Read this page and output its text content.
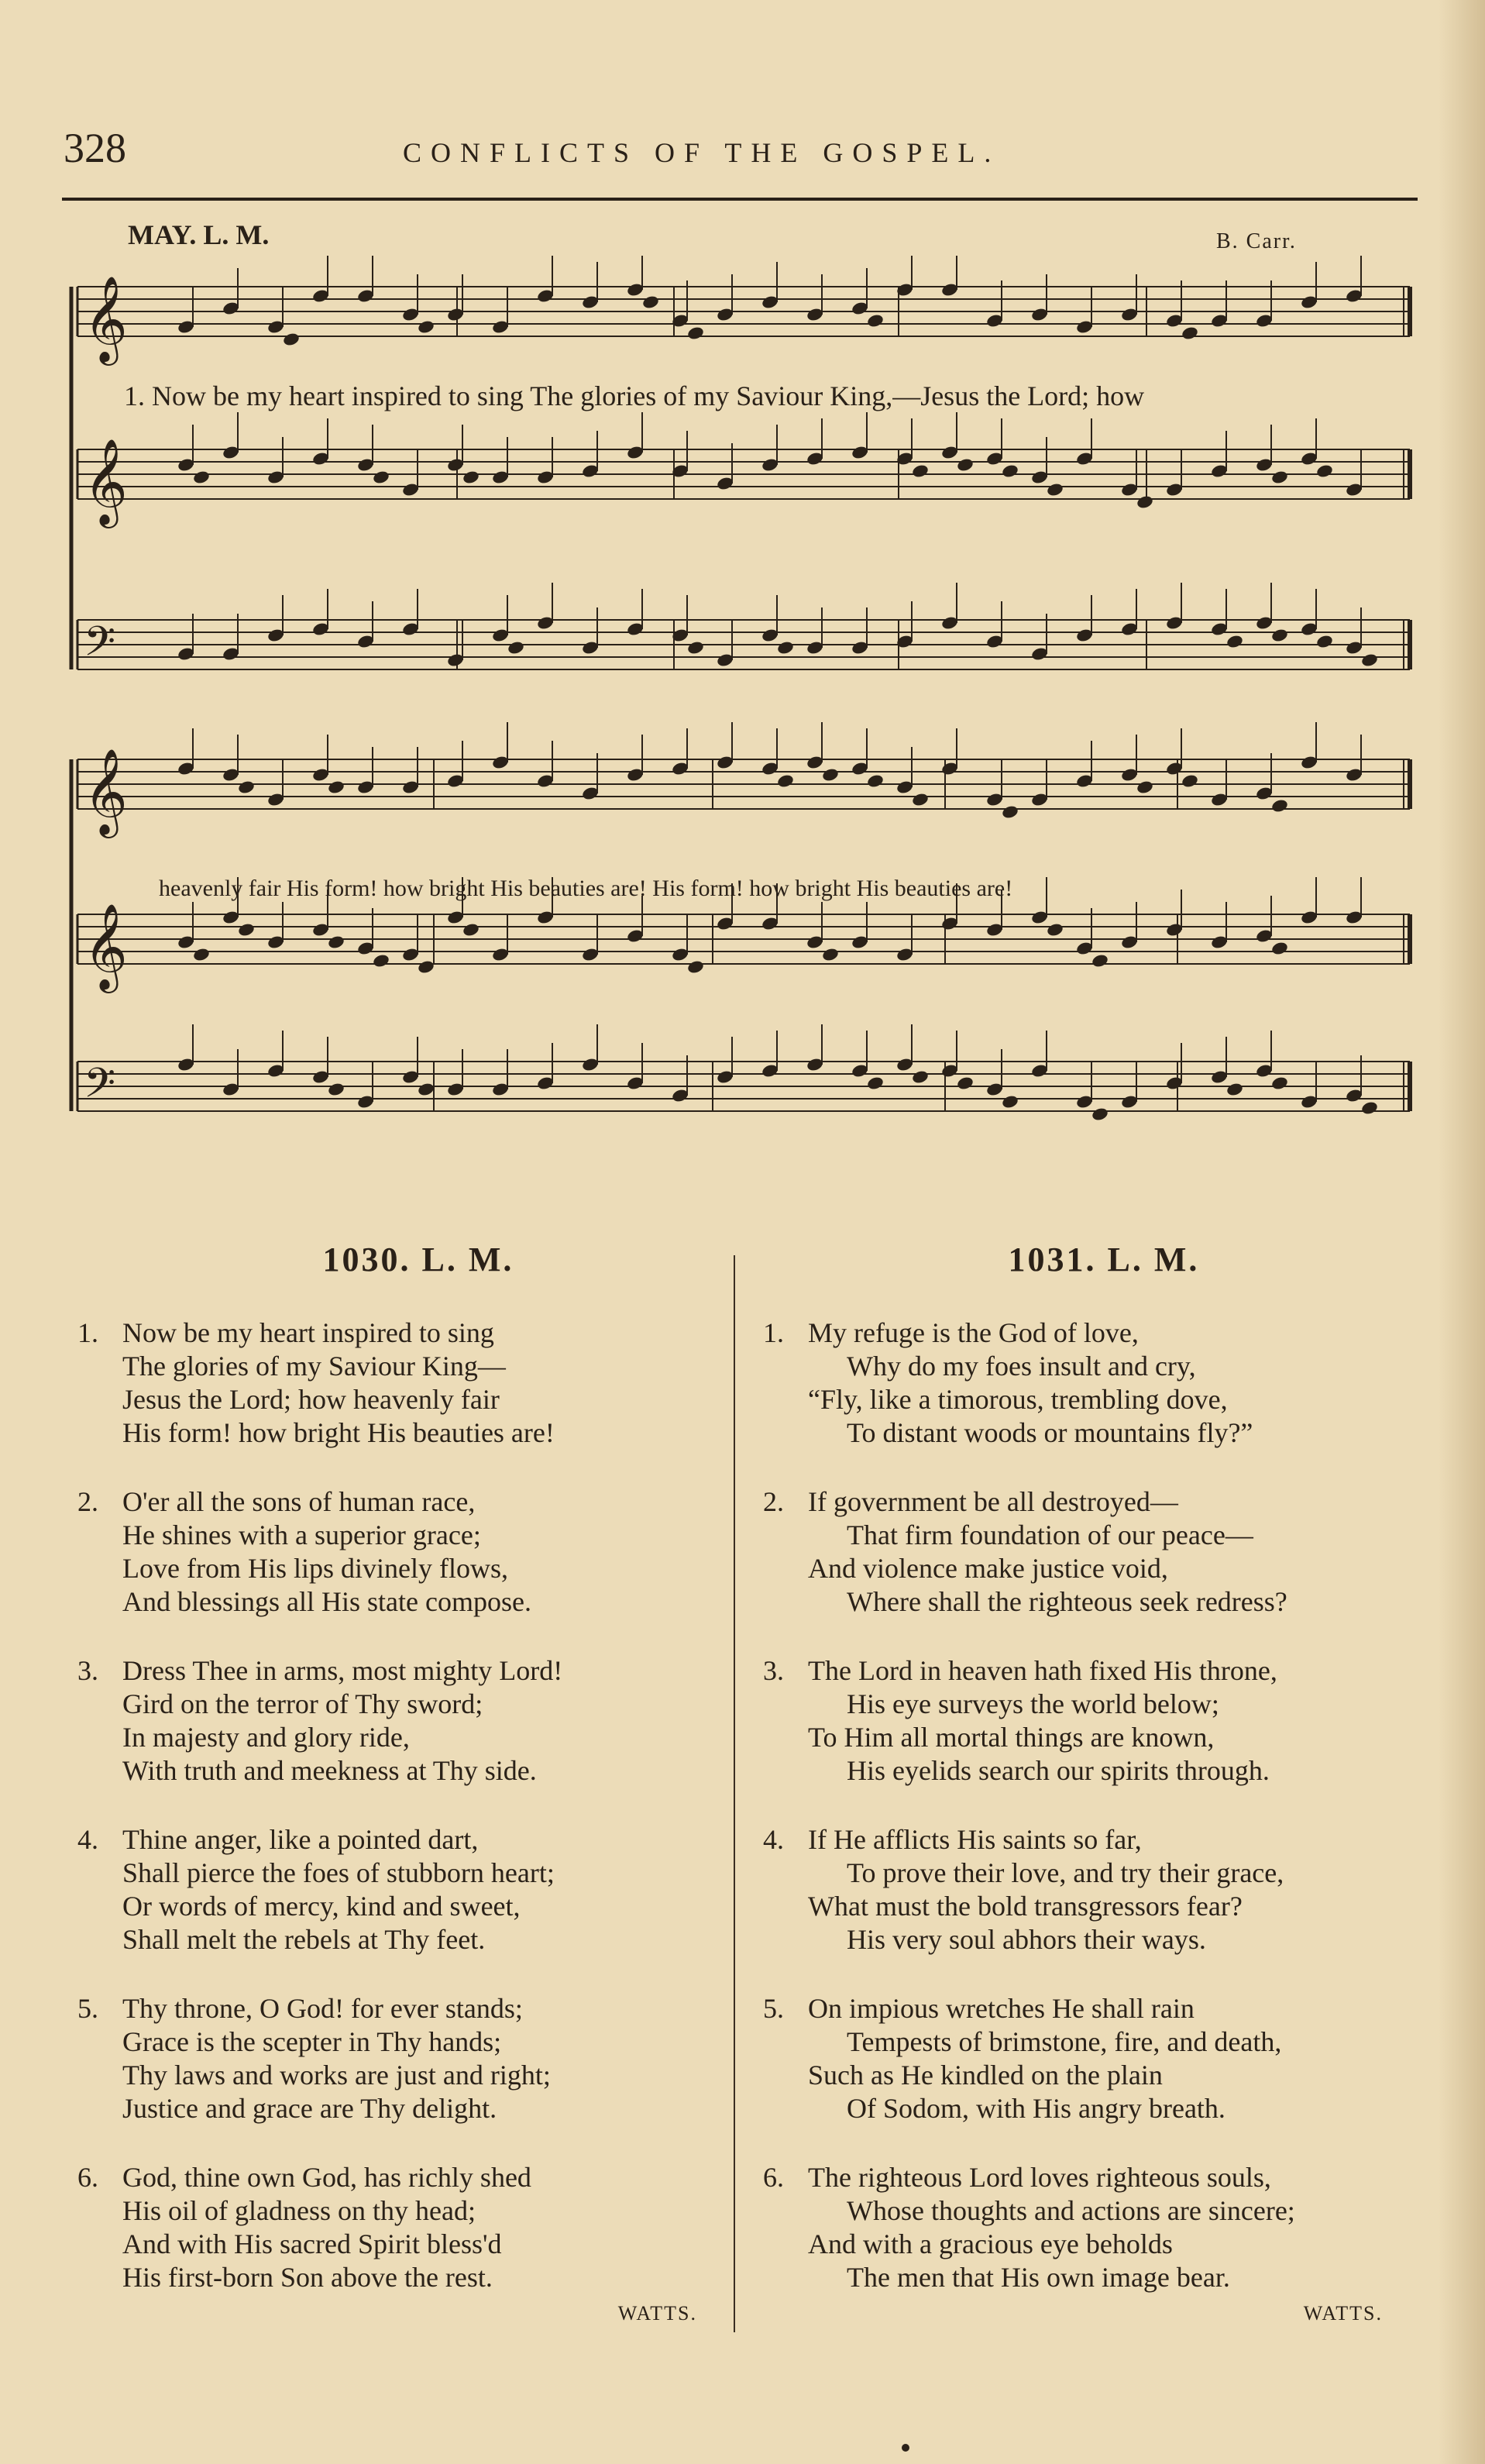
328	CONFLICTS OF THE GOSPEL.
MAY. L. M.	B. Carr.
𝄞
𝄞
𝄢
𝄞
𝄞
𝄢
1. Now be my heart inspired to sing The glories of my Saviour King,—Jesus the Lord; how
heavenly fair His form! how bright His beauties are! His form! how bright His beauties are!
1030. L. M.
1. Now be my heart inspired to sing
The glories of my Saviour King—
Jesus the Lord; how heavenly fair
His form! how bright His beauties are!
2. O'er all the sons of human race,
He shines with a superior grace;
Love from His lips divinely flows,
And blessings all His state compose.
3. Dress Thee in arms, most mighty Lord!
Gird on the terror of Thy sword;
In majesty and glory ride,
With truth and meekness at Thy side.
4. Thine anger, like a pointed dart,
Shall pierce the foes of stubborn heart;
Or words of mercy, kind and sweet,
Shall melt the rebels at Thy feet.
5. Thy throne, O God! for ever stands;
Grace is the scepter in Thy hands;
Thy laws and works are just and right;
Justice and grace are Thy delight.
6. God, thine own God, has richly shed
His oil of gladness on thy head;
And with His sacred Spirit bless'd
His first-born Son above the rest.
WATTS.
1031. L. M.
1. My refuge is the God of love,
Why do my foes insult and cry,
“Fly, like a timorous, trembling dove,
To distant woods or mountains fly?”
2. If government be all destroyed—
That firm foundation of our peace—
And violence make justice void,
Where shall the righteous seek redress?
3. The Lord in heaven hath fixed His throne,
His eye surveys the world below;
To Him all mortal things are known,
His eyelids search our spirits through.
4. If He afflicts His saints so far,
To prove their love, and try their grace,
What must the bold transgressors fear?
His very soul abhors their ways.
5. On impious wretches He shall rain
Tempests of brimstone, fire, and death,
Such as He kindled on the plain
Of Sodom, with His angry breath.
6. The righteous Lord loves righteous souls,
Whose thoughts and actions are sincere;
And with a gracious eye beholds
The men that His own image bear.
WATTS.
